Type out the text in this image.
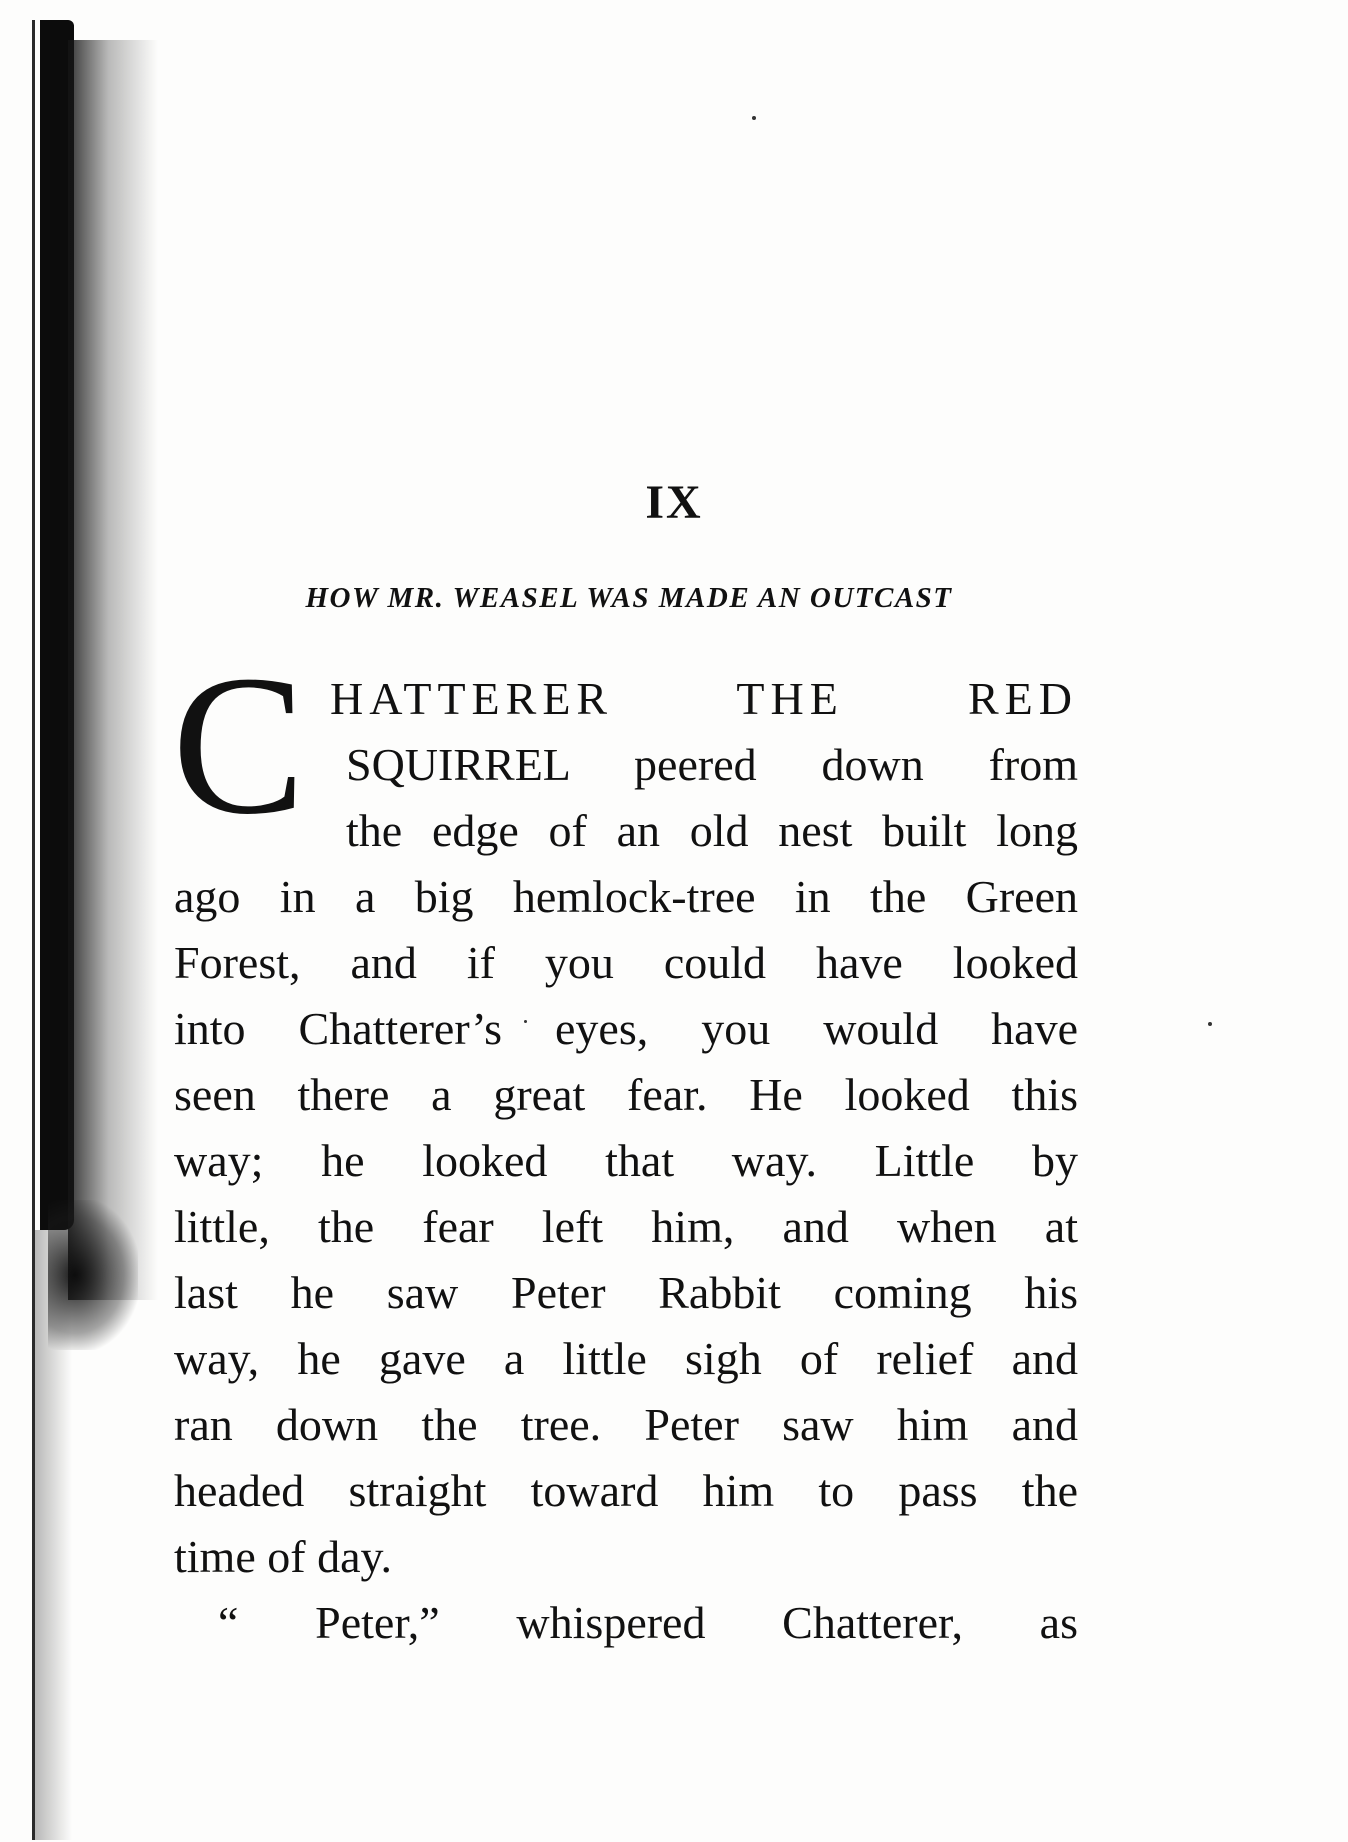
IX
HOW MR. WEASEL WAS MADE AN OUTCAST

C HATTERER THE RED

SQUIRREL peered down from

the edge of an old nest built long

ago in a big hemlock-tree in the Green

Forest, and if you could have looked

into Chatterer’s eyes, you would have

seen there a great fear. He looked this

way; he looked that way. Little by

little, the fear left him, and when at

last he saw Peter Rabbit coming his

way, he gave a little sigh of relief and

ran down the tree. Peter saw him and

headed straight toward him to pass the

time of day.

“ Peter,” whispered Chatterer, as
